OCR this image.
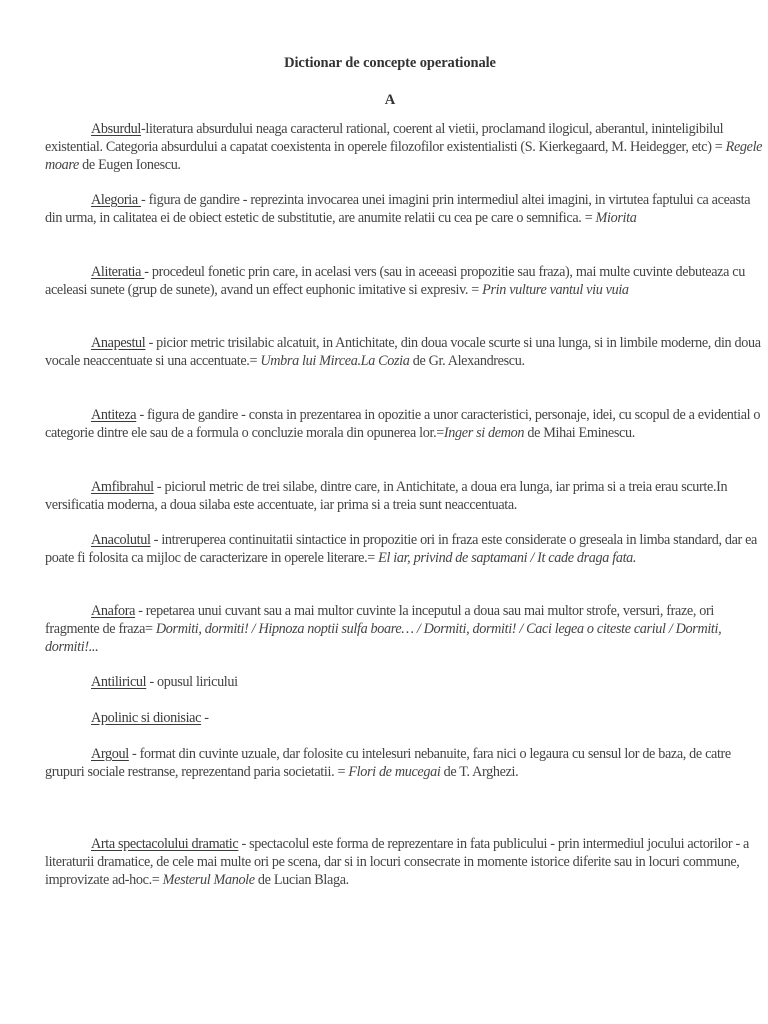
Dictionar de concepte operationale
A

Absurdul-literatura absurdului neaga caracterul rational, coerent al vietii, proclamand ilogicul, aberantul, ininteligibilul existential. Categoria absurdului a capatat coexistenta in operele filozofilor existentialisti (S. Kierkegaard, M. Heidegger, etc) = Regele moare de Eugen Ionescu.

Alegoria - figura de gandire - reprezinta invocarea unei imagini prin intermediul altei imagini, in virtutea faptului ca aceasta din urma, in calitatea ei de obiect estetic de substitutie, are anumite relatii cu cea pe care o semnifica. = Miorita

Aliteratia - procedeul fonetic prin care, in acelasi vers (sau in aceeasi propozitie sau fraza), mai multe cuvinte debuteaza cu aceleasi sunete (grup de sunete), avand un effect euphonic imitative si expresiv. = Prin vulture vantul viu vuia

Anapestul - picior metric trisilabic alcatuit, in Antichitate, din doua vocale scurte si una lunga, si in limbile moderne, din doua vocale neaccentuate si una accentuate.= Umbra lui Mircea.La Cozia de Gr. Alexandrescu.

Antiteza - figura de gandire - consta in prezentarea in opozitie a unor caracteristici, personaje, idei, cu scopul de a evidential o categorie dintre ele sau de a formula o concluzie morala din opunerea lor.=Inger si demon de Mihai Eminescu.

Amfibrahul - piciorul metric de trei silabe, dintre care, in Antichitate, a doua era lunga, iar prima si a treia erau scurte.In versificatia moderna, a doua silaba este accentuate, iar prima si a treia sunt neaccentuata.

Anacolutul - intreruperea continuitatii sintactice in propozitie ori in fraza este considerate o greseala in limba standard, dar ea poate fi folosita ca mijloc de caracterizare in operele literare.= El iar, privind de saptamani / It cade draga fata.

Anafora - repetarea unui cuvant sau a mai multor cuvinte la inceputul a doua sau mai multor strofe, versuri, fraze, ori fragmente de fraza= Dormiti, dormiti! / Hipnoza noptii sulfa boare… / Dormiti, dormiti! / Caci legea o citeste cariul / Dormiti, dormiti!...

Antiliricul - opusul liricului

Apolinic si dionisiac -

Argoul - format din cuvinte uzuale, dar folosite cu intelesuri nebanuite, fara nici o legaura cu sensul lor de baza, de catre grupuri sociale restranse, reprezentand paria societatii. = Flori de mucegai de T. Arghezi.

Arta spectacolului dramatic - spectacolul este forma de reprezentare in fata publicului - prin intermediul jocului actorilor - a literaturii dramatice, de cele mai multe ori pe scena, dar si in locuri consecrate in momente istorice diferite sau in locuri commune, improvizate ad-hoc.= Mesterul Manole de Lucian Blaga.
